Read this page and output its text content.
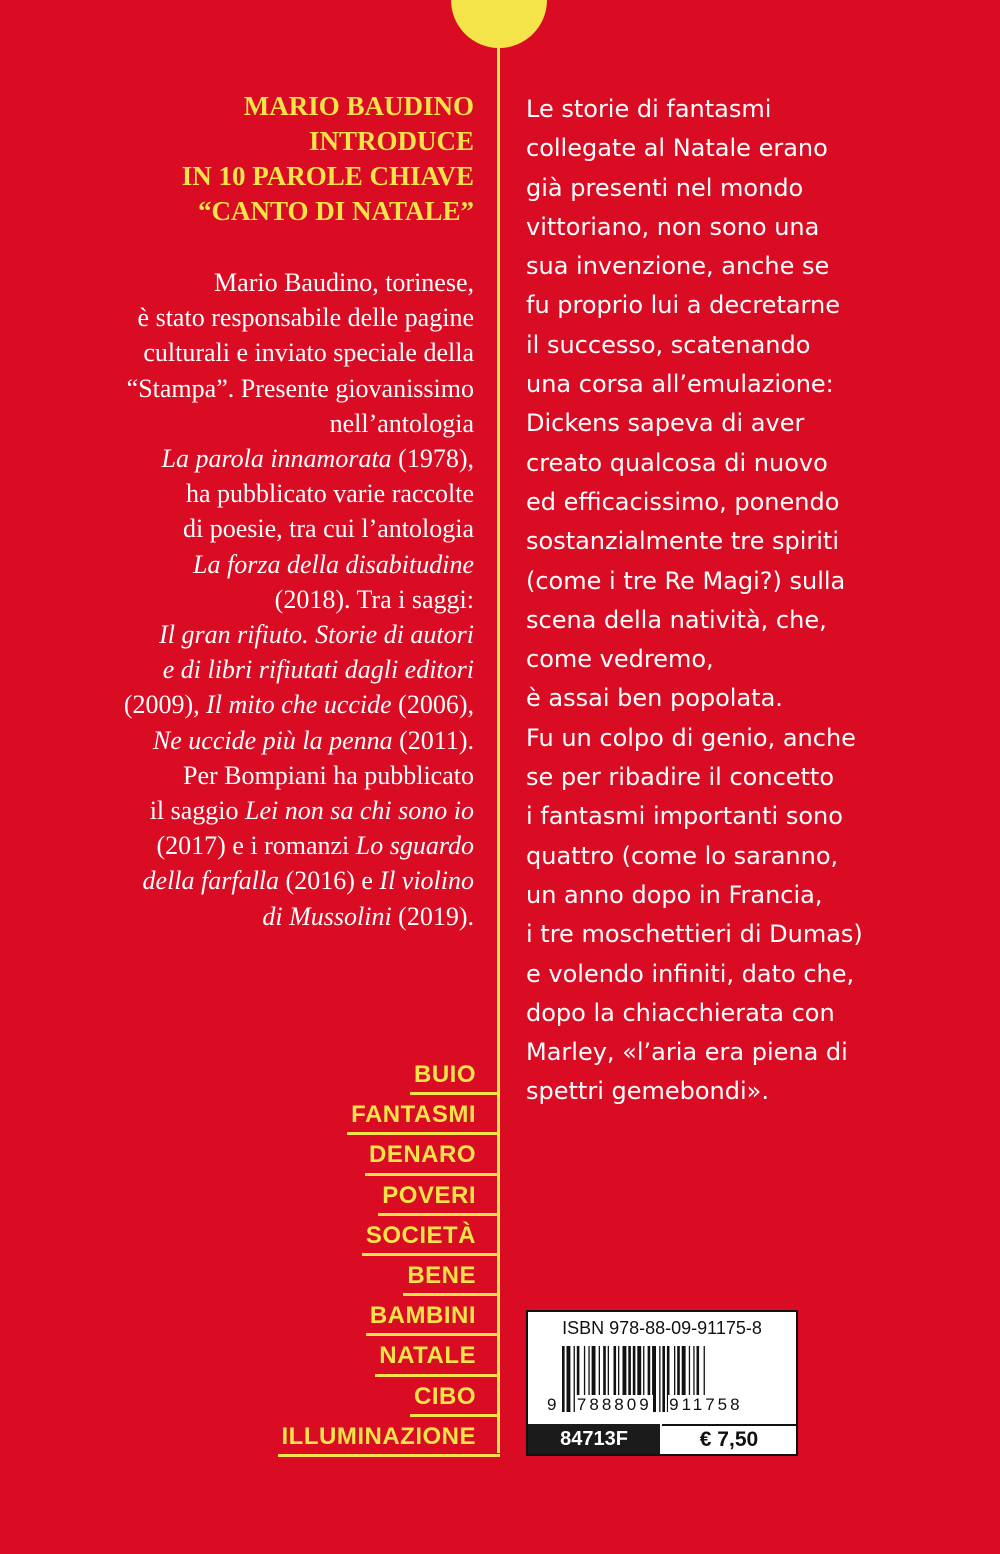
MARIO BAUDINO
INTRODUCE
IN 10 PAROLE CHIAVE
“CANTO DI NATALE”
Mario Baudino, torinese,
è stato responsabile delle pagine
culturali e inviato speciale della
“Stampa”. Presente giovanissimo
nell’antologia
La parola innamorata (1978),
ha pubblicato varie raccolte
di poesie, tra cui l’antologia
La forza della disabitudine
(2018). Tra i saggi:
Il gran rifiuto. Storie di autori
e di libri rifiutati dagli editori
(2009), Il mito che uccide (2006),
Ne uccide più la penna (2011).
Per Bompiani ha pubblicato
il saggio Lei non sa chi sono io
(2017) e i romanzi Lo sguardo
della farfalla (2016) e Il violino
di Mussolini (2019).
Le storie di fantasmi
collegate al Natale erano
già presenti nel mondo
vittoriano, non sono una
sua invenzione, anche se
fu proprio lui a decretarne
il successo, scatenando
una corsa all’emulazione:
Dickens sapeva di aver
creato qualcosa di nuovo
ed efficacissimo, ponendo
sostanzialmente tre spiriti
(come i tre Re Magi?) sulla
scena della natività, che,
come vedremo,
è assai ben popolata.
Fu un colpo di genio, anche
se per ribadire il concetto
i fantasmi importanti sono
quattro (come lo saranno,
un anno dopo in Francia,
i tre moschettieri di Dumas)
e volendo infiniti, dato che,
dopo la chiacchierata con
Marley, «l’aria era piena di
spettri gemebondi».
BUIO
FANTASMI
DENARO
POVERI
SOCIETÀ
BENE
BAMBINI
NATALE
CIBO
ILLUMINAZIONE
ISBN 978-88-09-91175-8
9 788809 911758
84713F	€ 7,50
